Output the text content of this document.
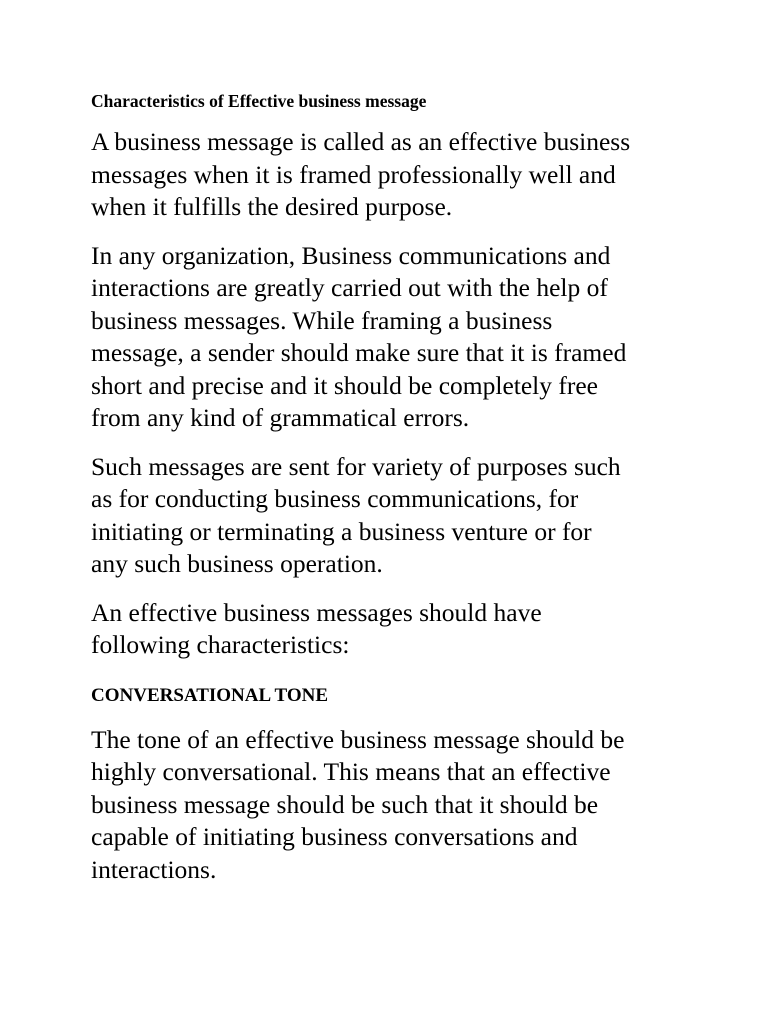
Characteristics of Effective business message

A business message is called as an effective business
messages when it is framed professionally well and
when it fulfills the desired purpose.

In any organization, Business communications and
interactions are greatly carried out with the help of
business messages. While framing a business
message, a sender should make sure that it is framed
short and precise and it should be completely free
from any kind of grammatical errors.

Such messages are sent for variety of purposes such
as for conducting business communications, for
initiating or terminating a business venture or for
any such business operation.

An effective business messages should have
following characteristics:

CONVERSATIONAL TONE

The tone of an effective business message should be
highly conversational. This means that an effective
business message should be such that it should be
capable of initiating business conversations and
interactions.
